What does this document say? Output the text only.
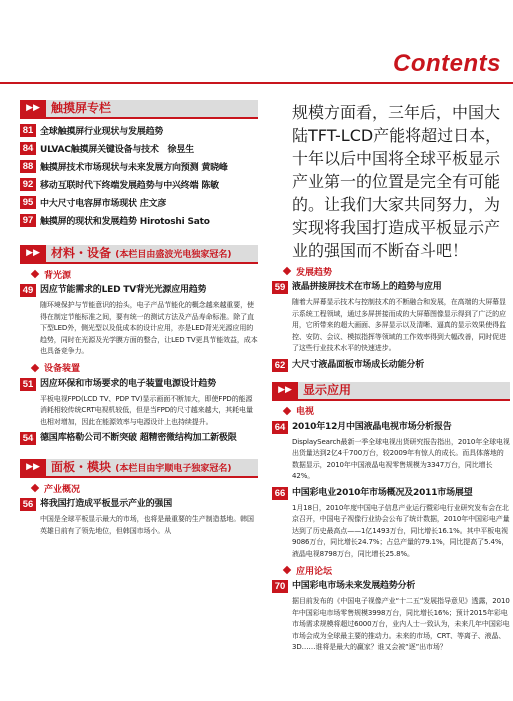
Contents
▶▶ 触摸屏专栏
81 全球触摸屏行业现状与发展趋势
84 ULVAC触摸屏关键设备与技术　徐昱生
88 触摸屏技术市场现状与未来发展方向预测 黄晓峰
92 移动互联时代下终端发展趋势与中兴终端 陈敏
95 中大尺寸电容屏市场现状 庄文彦
97 触摸屏的现状和发展趋势 Hirotoshi Sato
▶▶ 材料・设备 (本栏目由盛波光电独家冠名)
背光源
49 因应节能需求的LED TV背光光源应用趋势
随环境保护与节能意识的抬头，电子产品节能化的概念越来越重要，使得在制定节能标准之间，要有统一的测试方法及产品寿命标准。除了直下型LED外，侧光型以及低成本的设计应用，亦是LED背光光源应用的趋势，同时在光源及光学膜方面的整合，让LED TV更具节能效益，成本也具备竞争力。
设备装置
51 因应环保和市场要求的电子装置电源设计趋势
平板电视FPD(LCD TV、PDP TV)显示画面不断加大，即使FPD的能源消耗相较传统CRT电视机较低，但是当FPD的尺寸越来越大，其耗电量也相对增加，因此在能源效率与电源设计上也持续提升。
54 德国库格勒公司不断突破 超精密微结构加工新极限
▶▶ 面板・模块 (本栏目由宇顺电子独家冠名)
产业概况
56 将我国打造成平板显示产业的强国
中国是全球平板显示最大的市场，也将是最重要的生产制造基地。韩国英雄日前有了领先地位，但韩国市场小。从
规模方面看，三年后，中国大陆TFT-LCD产能将超过日本，十年以后中国将全球平板显示产业第一的位置是完全有可能的。让我们大家共同努力，为实现将我国打造成平板显示产业的强国而不断奋斗吧！
发展趋势
59 液晶拼接屏技术在市场上的趋势与应用
随着大屏幕显示技术与控制技术的不断融合和发展，在高端的大屏幕显示系统工程领域，通过多屏拼接而成的大屏幕图像显示得到了广泛的应用，它所带来的超大画面、多屏显示以及清晰、逼真的显示效果使得监控、安防、会议、模拟指挥等领域的工作效率得到大幅改善，同时促进了这些行业技术水平的快速进步。
62 大尺寸液晶面板市场成长动能分析
▶▶ 显示应用
电视
64 2010年12月中国液晶电视市场分析报告
DisplaySearch最新一季全球电视出货研究报告指出，2010年全球电视出货量达到2亿4千700万台，较2009年有惊人的成长。而具体落地的数据显示，2010年中国液晶电视零售规模为3347万台，同比增长42%。
66 中国彩电业2010年市场概况及2011市场展望
1月18日，2010年度中国电子信息产业运行暨彩电行业研究发布会在北京召开，中国电子视像行业协会公布了统计数据，2010年中国彩电产量达到了历史最高点——1亿1493万台，同比增长16.1%。其中平板电视9086万台，同比增长24.7%；占总产量的79.1%，同比提高了5.4%，液晶电视8798万台，同比增长25.8%。
应用论坛
70 中国彩电市场未来发展趋势分析
据目前发布的《中国电子视像产业“十二五”发展指导意见》透露，2010年中国彩电市场零售规模3998万台，同比增长16%；预计2015年彩电市场需求规模将超过6000万台，业内人士一致认为，未来几年中国彩电市场会成为全球最主要的推动力。未来的市场，CRT、等离子、液晶、3D……谁将是最大的赢家？谁又会被“逐”出市场？
